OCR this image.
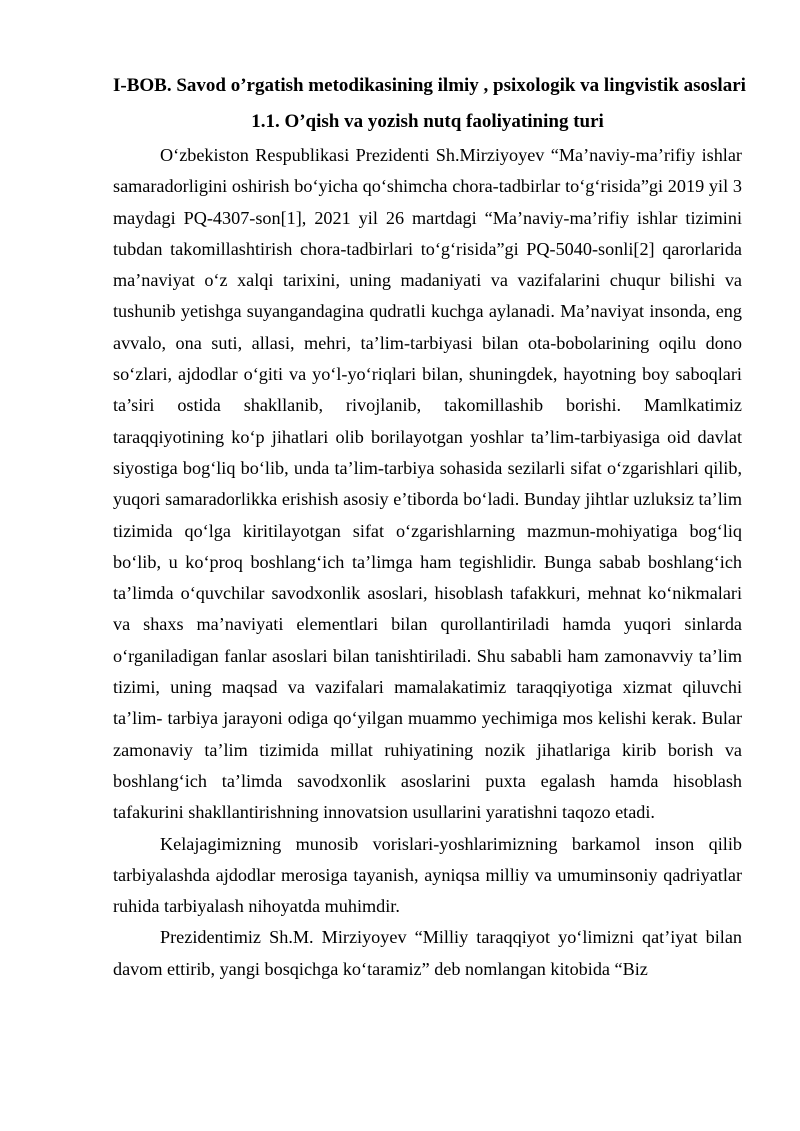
I-BOB. Savod o’rgatish metodikasining ilmiy , psixologik va lingvistik asoslari
1.1. O’qish va yozish nutq faoliyatining turi

O‘zbekiston Respublikasi Prezidenti Sh.Mirziyoyev “Ma’naviy-ma’rifiy ishlar samaradorligini oshirish bo‘yicha qo‘shimcha chora-tadbirlar to‘g‘risida”gi 2019 yil 3 maydagi PQ-4307-son[1], 2021 yil 26 martdagi “Ma’naviy-ma’rifiy ishlar tizimini tubdan takomillashtirish chora-tadbirlari to‘g‘risida”gi PQ-5040-sonli[2] qarorlarida ma’naviyat o‘z xalqi tarixini, uning madaniyati va vazifalarini chuqur bilishi va tushunib yetishga suyangandagina qudratli kuchga aylanadi. Ma’naviyat insonda, eng avvalo, ona suti, allasi, mehri, ta’lim-tarbiyasi bilan ota-bobolarining oqilu dono so‘zlari, ajdodlar o‘giti va yo‘l-yo‘riqlari bilan, shuningdek, hayotning boy saboqlari ta’siri ostida shakllanib, rivojlanib, takomillashib borishi. Mamlkatimiz taraqqiyotining ko‘p jihatlari olib borilayotgan yoshlar ta’lim-tarbiyasiga oid davlat siyostiga bog‘liq bo‘lib, unda ta’lim-tarbiya sohasida sezilarli sifat o‘zgarishlari qilib, yuqori samaradorlikka erishish asosiy e’tiborda bo‘ladi. Bunday jihtlar uzluksiz ta’lim tizimida qo‘lga kiritilayotgan sifat o‘zgarishlarning mazmun-mohiyatiga bog‘liq bo‘lib, u ko‘proq boshlang‘ich ta’limga ham tegishlidir. Bunga sabab boshlang‘ich ta’limda o‘quvchilar savodxonlik asoslari, hisoblash tafakkuri, mehnat ko‘nikmalari va shaxs ma’naviyati elementlari bilan qurollantiriladi hamda yuqori sinlarda o‘rganiladigan fanlar asoslari bilan tanishtiriladi. Shu sababli ham zamonavviy ta’lim tizimi, uning maqsad va vazifalari mamalakatimiz taraqqiyotiga xizmat qiluvchi ta’lim- tarbiya jarayoni odiga qo‘yilgan muammo yechimiga mos kelishi kerak. Bular zamonaviy ta’lim tizimida millat ruhiyatining nozik jihatlariga kirib borish va boshlang‘ich ta’limda savodxonlik asoslarini puxta egalash hamda hisoblash tafakurini shakllantirishning innovatsion usullarini yaratishni taqozo etadi.

Kelajagimizning munosib vorislari-yoshlarimizning barkamol inson qilib tarbiyalashda ajdodlar merosiga tayanish, ayniqsa milliy va umuminsoniy qadriyatlar ruhida tarbiyalash nihoyatda muhimdir.

Prezidentimiz Sh.M. Mirziyoyev “Milliy taraqqiyot yo‘limizni qat’iyat bilan davom ettirib, yangi bosqichga ko‘taramiz” deb nomlangan kitobida “Biz
